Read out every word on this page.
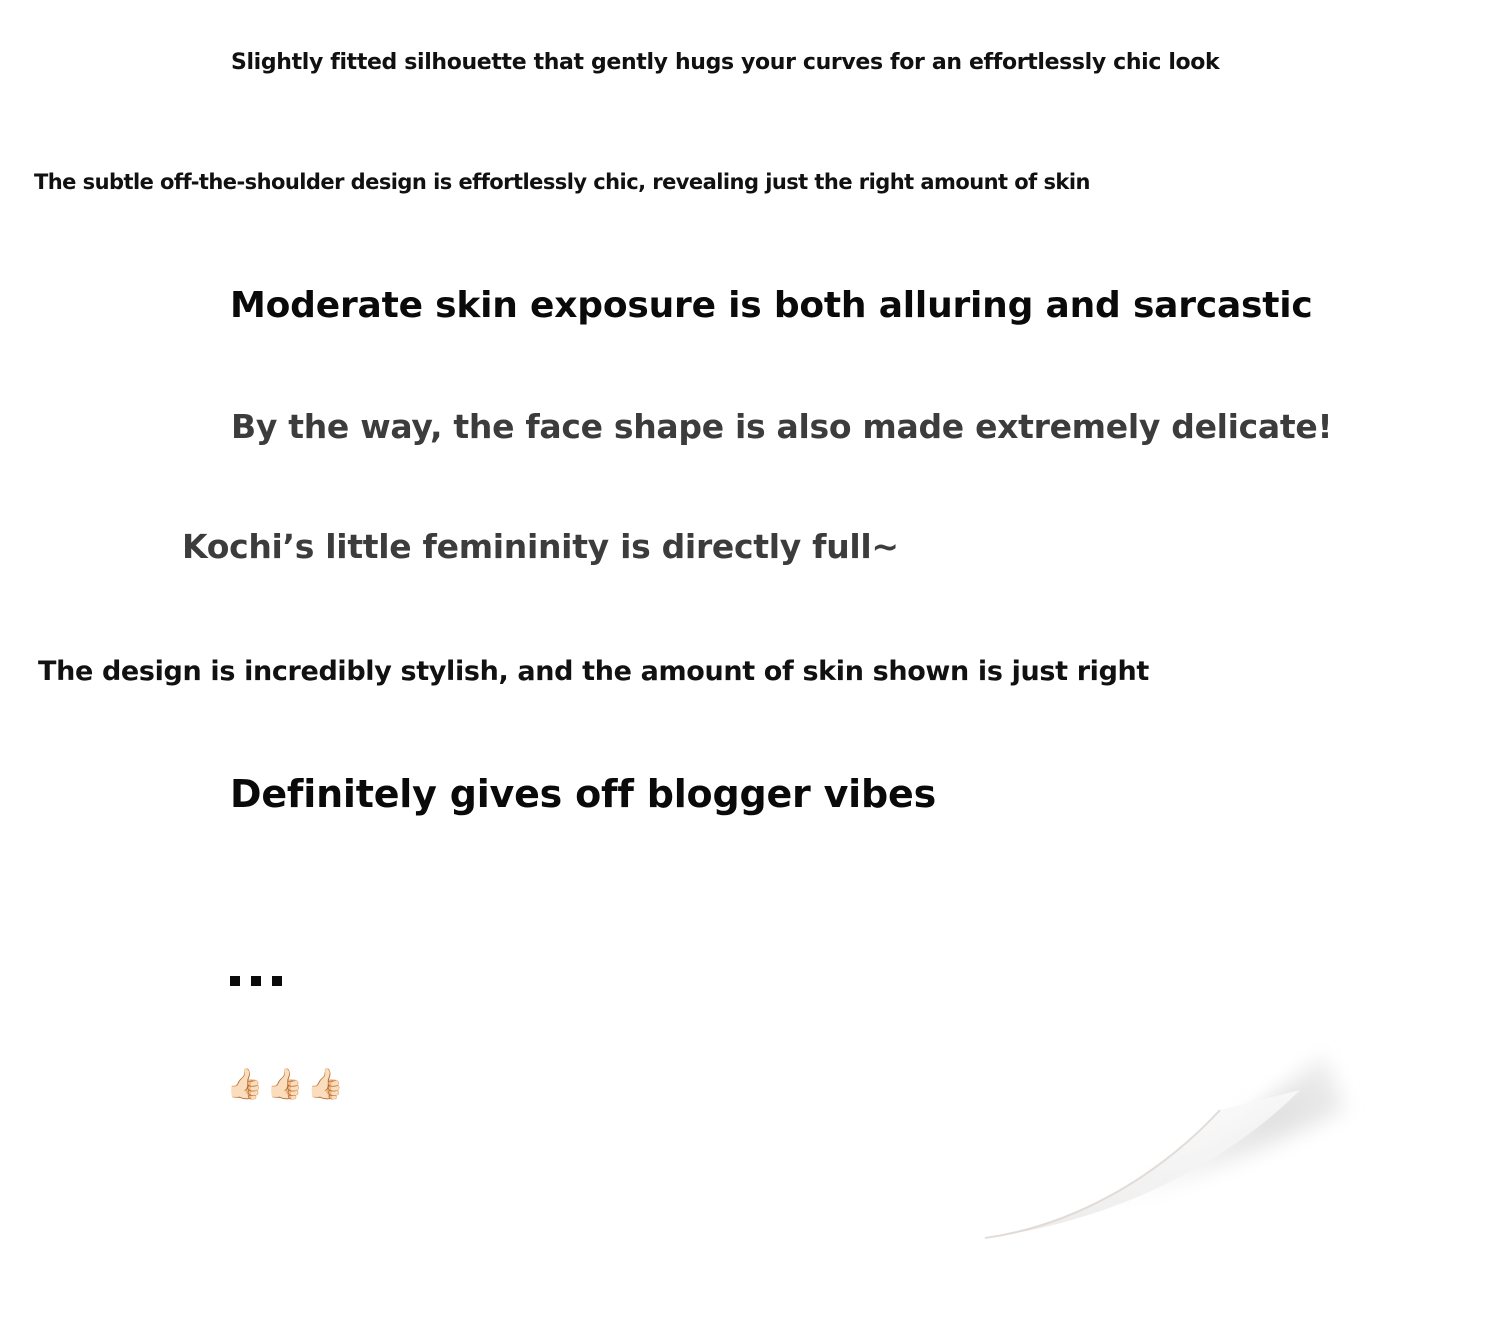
Slightly fitted silhouette that gently hugs your curves for an effortlessly chic look

The subtle off-the-shoulder design is effortlessly chic, revealing just the right amount of skin

Moderate skin exposure is both alluring and sarcastic

By the way, the face shape is also made extremely delicate!

Kochi’s little femininity is directly full~

The design is incredibly stylish, and the amount of skin shown is just right

Definitely gives off blogger vibes

👍🏻👍🏻👍🏻
